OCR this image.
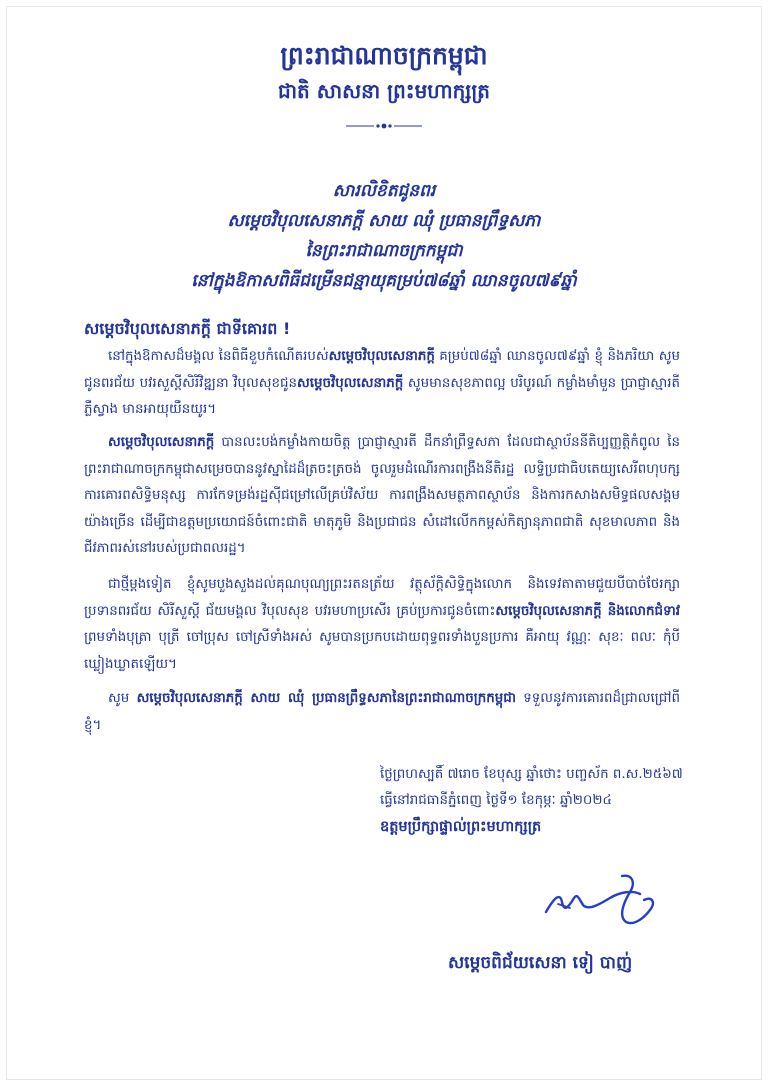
ព្រះរាជាណាចក្រកម្ពុជា
ជាតិ សាសនា ព្រះមហាក្សត្រ
សារលិខិតជូនពរ
សម្តេចវិបុលសេនាភក្តី សាយ ឈុំ ប្រធានព្រឹទ្ធសភា
នៃព្រះរាជាណាចក្រកម្ពុជា
នៅក្នុងឱកាសពិធីជម្រើនជន្មាយុគម្រប់៧៨ឆ្នាំ ឈានចូល៧៩ឆ្នាំ
សម្តេចវិបុលសេនាភក្តី ជាទីគោរព !
នៅក្នុងឱកាសដ៏មង្គល នៃពិធីខួបកំណើតរបស់សម្តេចវិបុលសេនាភក្តី គម្រប់៧៨ឆ្នាំ ឈានចូល៧៩ឆ្នាំ ខ្ញុំ និងភរិយា សូមជូនពរជ័យ បវរសួស្តីសិរីវិឌ្ឍនា វិបុលសុខជូនសម្តេចវិបុលសេនាភក្តី សូមមានសុខភាពល្អ បរិបូរណ៍ កម្លាំងមាំមួន ប្រាជ្ញាស្មារតីភ្លឺស្វាង មានអាយុយឺនយូរ។
សម្តេចវិបុលសេនាភក្តី បានលះបង់កម្លាំងកាយចិត្ត ប្រាជ្ញាស្មារតី ដឹកនាំព្រឹទ្ធសភា ដែលជាស្ថាប័ននីតិប្បញ្ញត្តិកំពូល នៃព្រះរាជាណាចក្រកម្ពុជាសម្រេចបាននូវស្នាដៃដ៏ត្រចះត្រចង់ ចូលរួមដំណើរការពង្រឹងនីតិរដ្ឋ លទ្ធិប្រជាធិបតេយ្យសេរីពហុបក្ស ការគោរពសិទ្ធិមនុស្ស ការកែទម្រង់រដ្ឋស៊ីជម្រៅលើគ្រប់វិស័យ ការពង្រឹងសមត្ថភាពស្ថាប័ន និងការកសាងសមិទ្ធផលសង្គមយ៉ាងច្រើន ដើម្បីជាឧត្តមប្រយោជន៍ចំពោះជាតិ មាតុភូមិ និងប្រជាជន សំដៅលើកកម្ពស់កិត្យានុភាពជាតិ សុខមាលភាព និងជីវភាពរស់នៅរបស់ប្រជាពលរដ្ឋ។
ជាថ្មីម្តងទៀត ខ្ញុំសូមបួងសួងដល់គុណបុណ្យព្រះរតនត្រ័យ វត្ថុស័ក្តិសិទ្ធិក្នុងលោក និងទេវតាតាមជួយបីបាច់ថែរក្សាប្រទានពរជ័យ សិរីសួស្តី ជ័យមង្គល វិបុលសុខ បវរមហាប្រសើរ គ្រប់ប្រការជូនចំពោះសម្តេចវិបុលសេនាភក្តី និងលោកជំទាវ ព្រមទាំងបុត្រា បុត្រី ចៅប្រុស ចៅស្រីទាំងអស់ សូមបានប្រកបដោយពុទ្ធពរទាំងបួនប្រការ គឺអាយុ វណ្ណៈ សុខៈ ពលៈ កុំបីឃ្លៀងឃ្លាតឡើយ។
សូម សម្តេចវិបុលសេនាភក្តី សាយ ឈុំ ប្រធានព្រឹទ្ធសភានៃព្រះរាជាណាចក្រកម្ពុជា ទទួលនូវការគោរពដ៏ជ្រាលជ្រៅពីខ្ញុំ។
ថ្ងៃព្រហស្បតិ៍ ៧រោច ខែបុស្ស ឆ្នាំថោះ បញ្ចស័ក ព.ស.២៥៦៧
ធ្វើនៅរាជធានីភ្នំពេញ ថ្ងៃទី១ ខែកុម្ភៈ ឆ្នាំ២០២៤
ឧត្តមប្រឹក្សាផ្ទាល់ព្រះមហាក្សត្រ
សម្តេចពិជ័យសេនា ទៀ បាញ់
